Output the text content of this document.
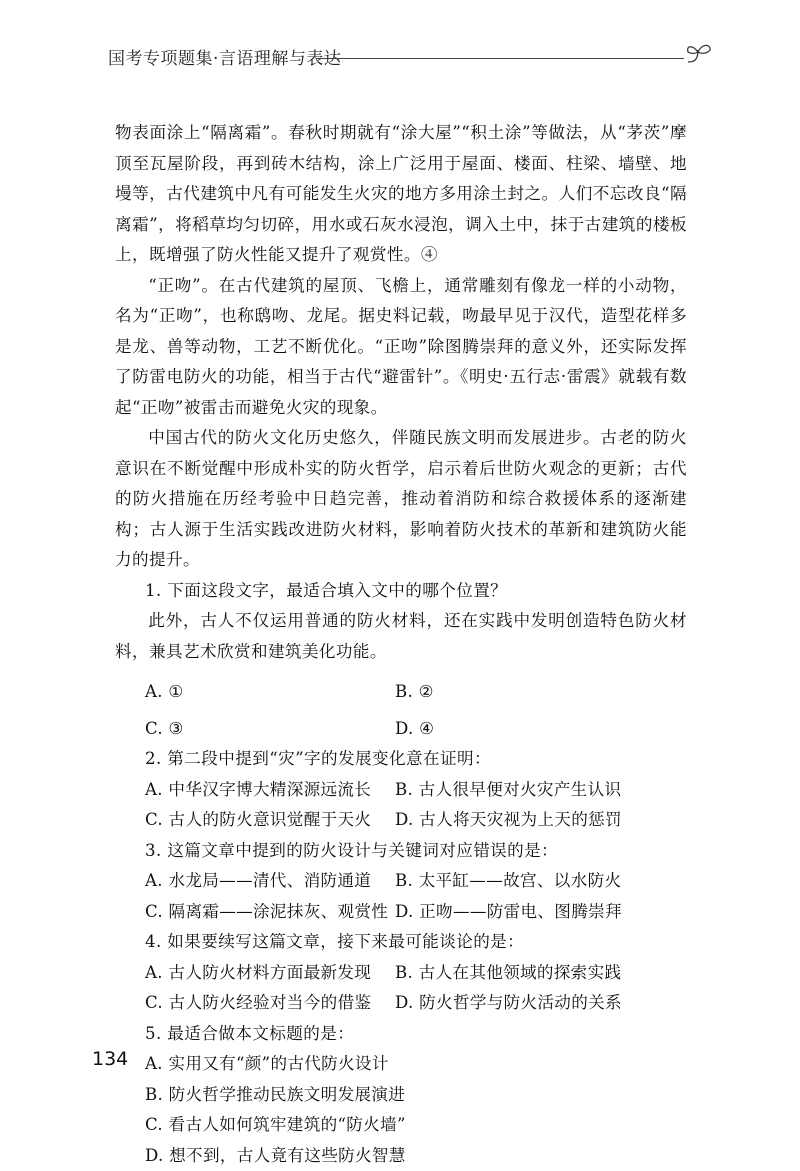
国考专项题集·言语理解与表达

物表面涂上“隔离霜”。春秋时期就有“涂大屋”“积土涂”等做法，从“茅茨”摩顶至瓦屋阶段，再到砖木结构，涂上广泛用于屋面、楼面、柱梁、墙壁、地墁等，古代建筑中凡有可能发生火灾的地方多用涂土封之。人们不忘改良“隔离霜”，将稻草均匀切碎，用水或石灰水浸泡，调入土中，抹于古建筑的楼板上，既增强了防火性能又提升了观赏性。④

“正吻”。在古代建筑的屋顶、飞檐上，通常雕刻有像龙一样的小动物，名为“正吻”，也称鸱吻、龙尾。据史料记载，吻最早见于汉代，造型花样多是龙、兽等动物，工艺不断优化。“正吻”除图腾崇拜的意义外，还实际发挥了防雷电防火的功能，相当于古代“避雷针”。《明史·五行志·雷震》就载有数起“正吻”被雷击而避免火灾的现象。

中国古代的防火文化历史悠久，伴随民族文明而发展进步。古老的防火意识在不断觉醒中形成朴实的防火哲学，启示着后世防火观念的更新；古代的防火措施在历经考验中日趋完善，推动着消防和综合救援体系的逐渐建构；古人源于生活实践改进防火材料，影响着防火技术的革新和建筑防火能力的提升。

1. 下面这段文字，最适合填入文中的哪个位置？

此外，古人不仅运用普通的防火材料，还在实践中发明创造特色防火材料，兼具艺术欣赏和建筑美化功能。

A. ①	B. ②
C. ③	D. ④

2. 第二段中提到“灾”字的发展变化意在证明：

A. 中华汉字博大精深源远流长	B. 古人很早便对火灾产生认识
C. 古人的防火意识觉醒于天火	D. 古人将天灾视为上天的惩罚

3. 这篇文章中提到的防火设计与关键词对应错误的是：

A. 水龙局——清代、消防通道	B. 太平缸——故宫、以水防火
C. 隔离霜——涂泥抹灰、观赏性 D. 正吻——防雷电、图腾崇拜

4. 如果要续写这篇文章，接下来最可能谈论的是：

A. 古人防火材料方面最新发现	B. 古人在其他领域的探索实践
C. 古人防火经验对当今的借鉴	D. 防火哲学与防火活动的关系

5. 最适合做本文标题的是：

A. 实用又有“颜”的古代防火设计
B. 防火哲学推动民族文明发展演进
C. 看古人如何筑牢建筑的“防火墙”
D. 想不到，古人竟有这些防火智慧
134
